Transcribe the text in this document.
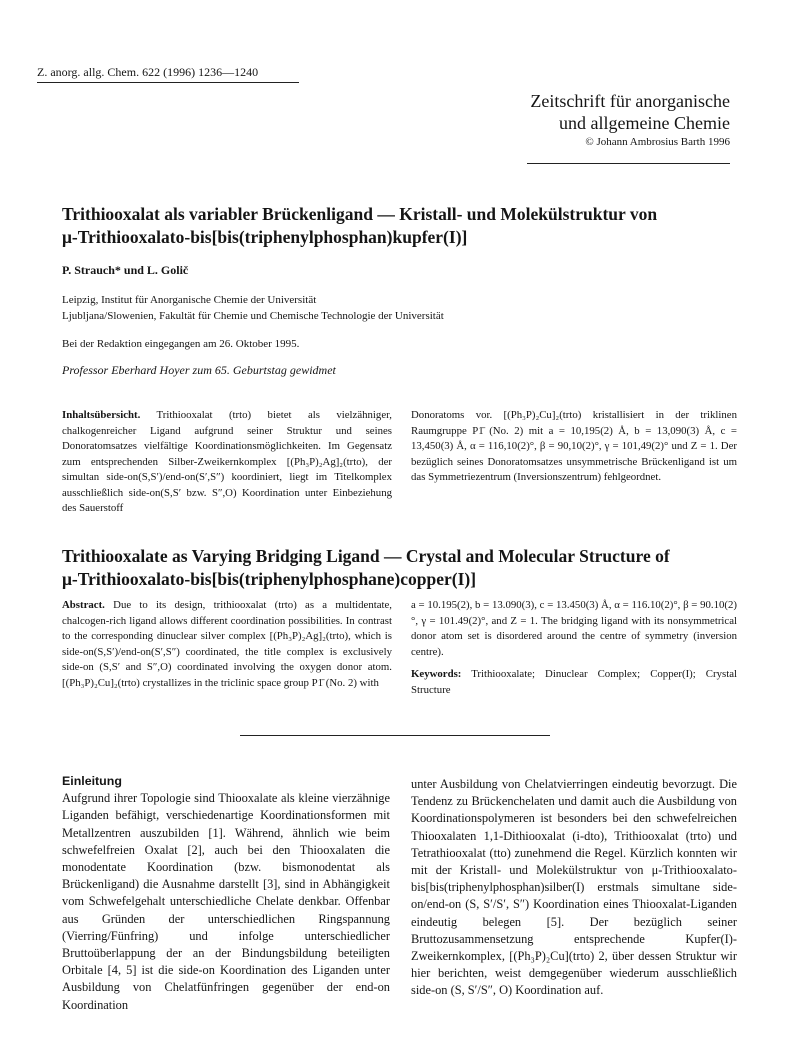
Z. anorg. allg. Chem. 622 (1996) 1236—1240
Zeitschrift für anorganische
und allgemeine Chemie
© Johann Ambrosius Barth 1996
Trithiooxalat als variabler Brückenligand — Kristall- und Molekülstruktur von
μ-Trithiooxalato-bis[bis(triphenylphosphan)kupfer(I)]
P. Strauch* und L. Golič
Leipzig, Institut für Anorganische Chemie der Universität
Ljubljana/Slowenien, Fakultät für Chemie und Chemische Technologie der Universität
Bei der Redaktion eingegangen am 26. Oktober 1995.
Professor Eberhard Hoyer zum 65. Geburtstag gewidmet

Inhaltsübersicht. Trithiooxalat (trto) bietet als vielzähniger, chalkogenreicher Ligand aufgrund seiner Struktur und seines Donoratomsatzes vielfältige Koordinationsmöglichkeiten. Im Gegensatz zum entsprechenden Silber-Zweikernkomplex [(Ph₃P)₂Ag]₂(trto), der simultan side-on(S,S′)/end-on(S′,S″) koordiniert, liegt im Titelkomplex ausschließlich side-on(S,S′ bzw. S″,O) Koordination unter Einbeziehung des Sauerstoff

Donoratoms vor. [(Ph₃P)₂Cu]₂(trto) kristallisiert in der triklinen Raumgruppe P1̄ (No. 2) mit a = 10,195(2) Å, b = 13,090(3) Å, c = 13,450(3) Å, α = 116,10(2)°, β = 90,10(2)°, γ = 101,49(2)° und Z = 1. Der bezüglich seines Donoratomsatzes unsymmetrische Brückenligand ist um das Symmetriezentrum (Inversionszentrum) fehlgeordnet.

Trithiooxalate as Varying Bridging Ligand — Crystal and Molecular Structure of
μ-Trithiooxalato-bis[bis(triphenylphosphane)copper(I)]

Abstract. Due to its design, trithiooxalat (trto) as a multidentate, chalcogen-rich ligand allows different coordination possibilities. In contrast to the corresponding dinuclear silver complex [(Ph₃P)₂Ag]₂(trto), which is side-on(S,S′)/end-on(S′,S″) coordinated, the title complex is exclusively side-on (S,S′ and S″,O) coordinated involving the oxygen donor atom. [(Ph₃P)₂Cu]₂(trto) crystallizes in the triclinic space group P1̄ (No. 2) with

a = 10.195(2), b = 13.090(3), c = 13.450(3) Å, α = 116.10(2)°, β = 90.10(2)°, γ = 101.49(2)°, and Z = 1. The bridging ligand with its nonsymmetrical donor atom set is disordered around the centre of symmetry (inversion centre).

Keywords: Trithiooxalate; Dinuclear Complex; Copper(I); Crystal Structure

Einleitung

Aufgrund ihrer Topologie sind Thiooxalate als kleine vierzähnige Liganden befähigt, verschiedenartige Koordinationsformen mit Metallzentren auszubilden [1]. Während, ähnlich wie beim schwefelfreien Oxalat [2], auch bei den Thiooxalaten die monodentate Koordination (bzw. bismonodentat als Brückenligand) die Ausnahme darstellt [3], sind in Abhängigkeit vom Schwefelgehalt unterschiedliche Chelate denkbar. Offenbar aus Gründen der unterschiedlichen Ringspannung (Vierring/Fünfring) und infolge unterschiedlicher Bruttoüberlappung der an der Bindungsbildung beteiligten Orbitale [4, 5] ist die side-on Koordination des Liganden unter Ausbildung von Chelatfünfringen gegenüber der end-on Koordination

unter Ausbildung von Chelatvierringen eindeutig bevorzugt. Die Tendenz zu Brückenchelaten und damit auch die Ausbildung von Koordinationspolymeren ist besonders bei den schwefelreichen Thiooxalaten 1,1-Dithiooxalat (i-dto), Trithiooxalat (trto) und Tetrathiooxalat (tto) zunehmend die Regel. Kürzlich konnten wir mit der Kristall- und Molekülstruktur von μ-Trithiooxalato-bis[bis(triphenylphosphan)silber(I) erstmals simultane side-on/end-on (S, S′/S′, S″) Koordination eines Thiooxalat-Liganden eindeutig belegen [5]. Der bezüglich seiner Bruttozusammensetzung entsprechende Kupfer(I)-Zweikernkomplex, [(Ph₃P)₂Cu](trto) 2, über dessen Struktur wir hier berichten, weist demgegenüber wiederum ausschließlich side-on (S, S′/S″, O) Koordination auf.
